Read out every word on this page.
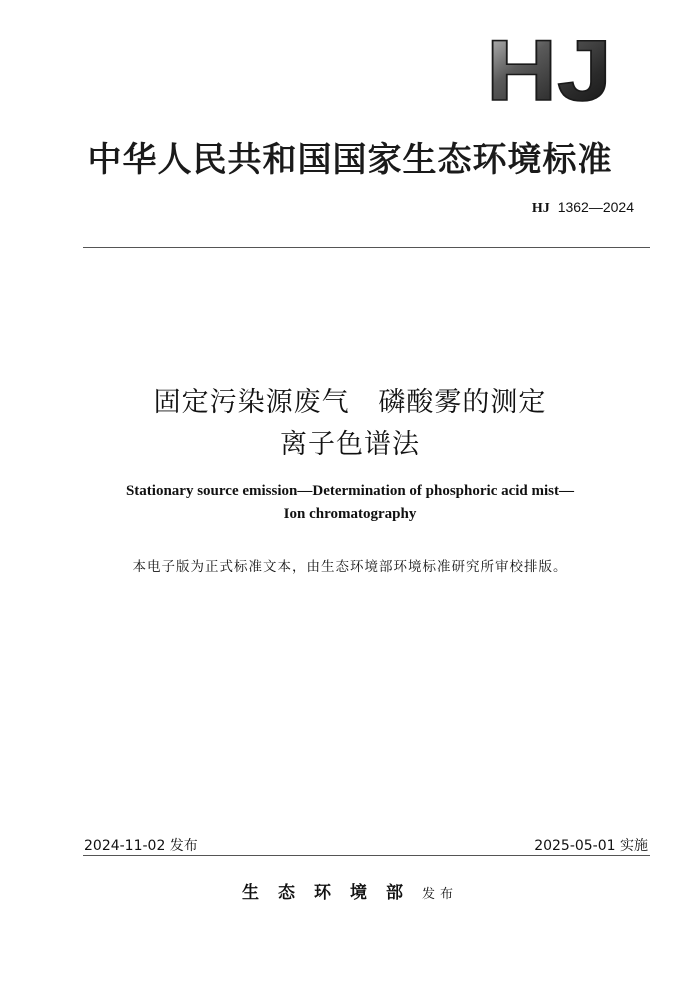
HJ
中华人民共和国国家生态环境标准
HJ 1362—2024
固定污染源废气   磷酸雾的测定
离子色谱法
Stationary source emission—Determination of phosphoric acid mist—
Ion chromatography
本电子版为正式标准文本，由生态环境部环境标准研究所审校排版。
2024-11-02 发布	2025-05-01 实施
生态环境部发布
